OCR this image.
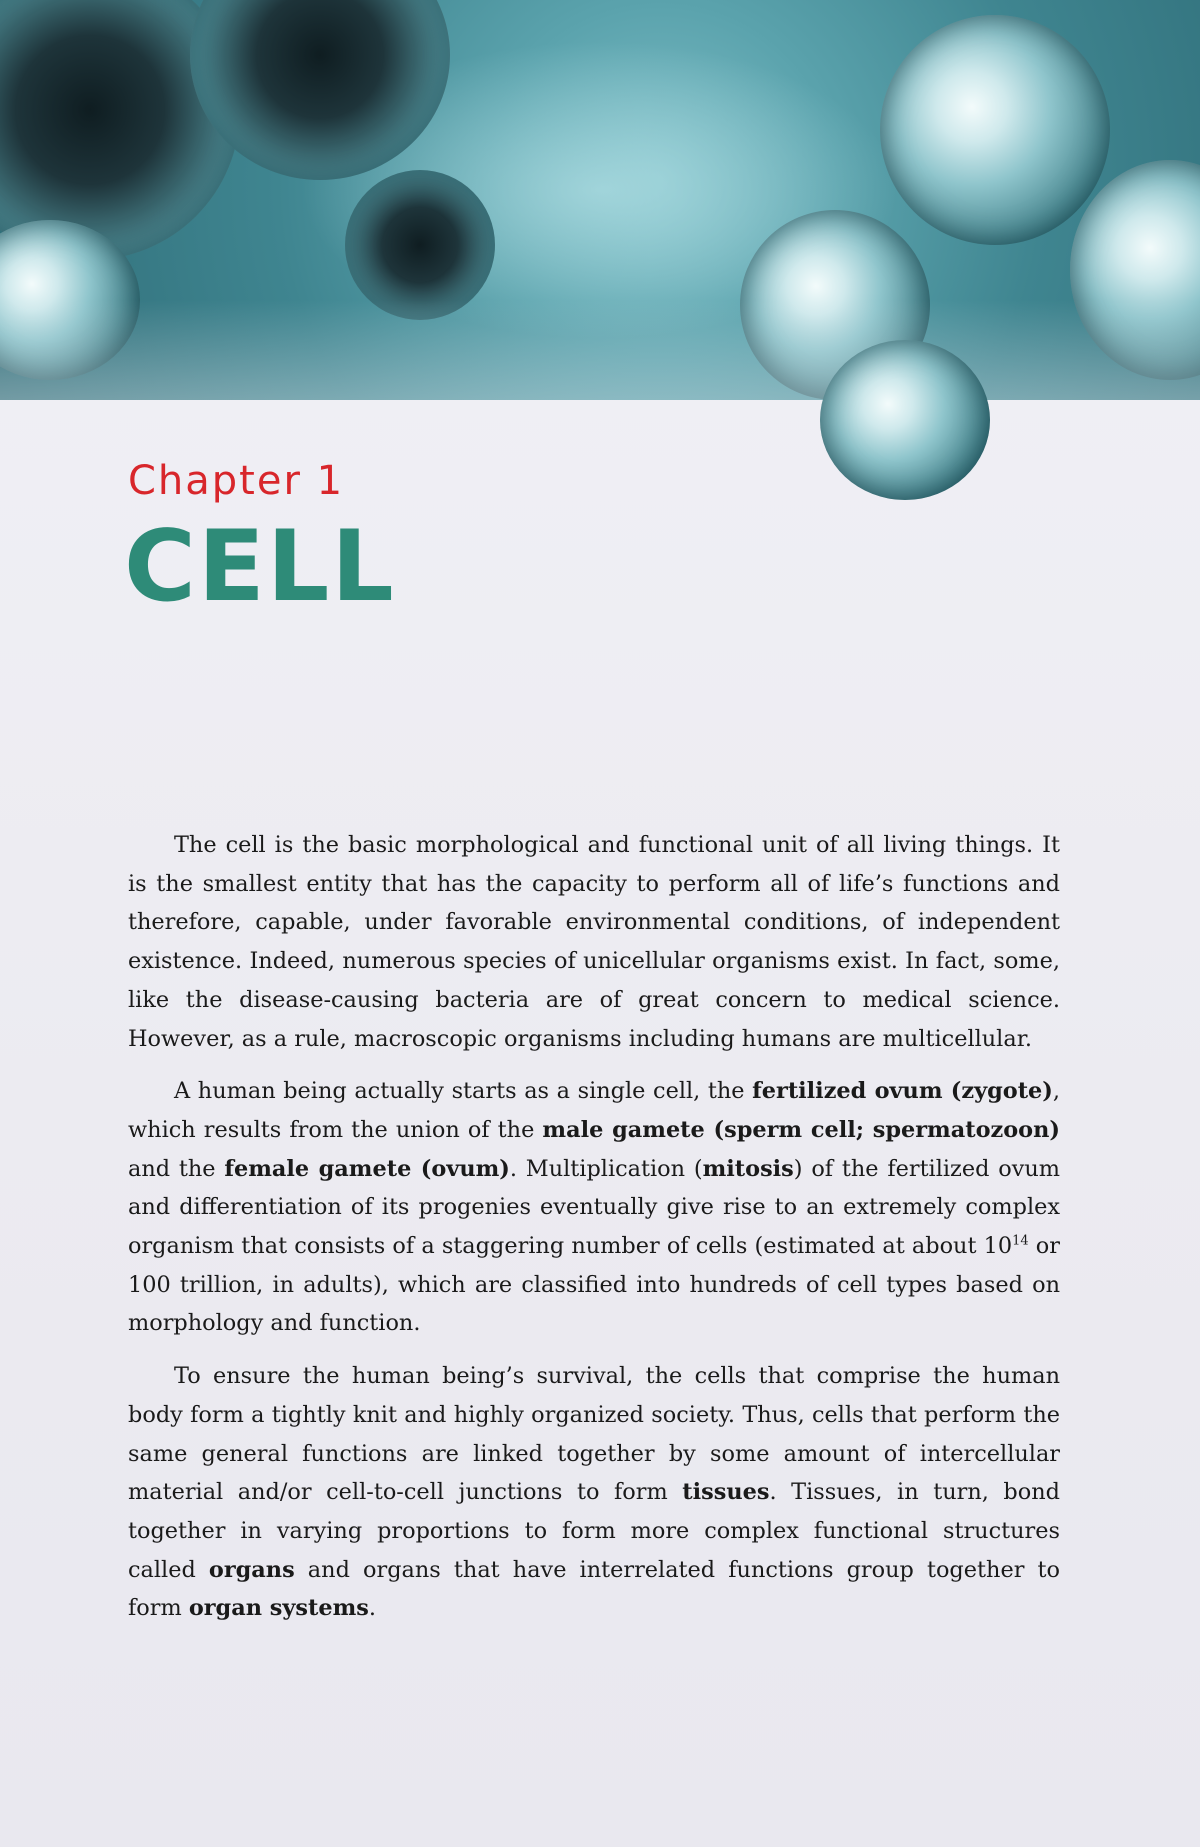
Chapter 1
CELL

The cell is the basic morphological and functional unit of all living things. It is the smallest entity that has the capacity to perform all of life’s functions and therefore, capable, under favorable environmental conditions, of independent existence. Indeed, numerous species of unicellular organisms exist. In fact, some, like the disease-causing bacteria are of great concern to medical science. However, as a rule, macroscopic organisms including humans are multicellular.

A human being actually starts as a single cell, the fertilized ovum (zygote), which results from the union of the male gamete (sperm cell; spermatozoon) and the female gamete (ovum). Multiplication (mitosis) of the fertilized ovum and differentiation of its progenies eventually give rise to an extremely complex organism that consists of a staggering number of cells (estimated at about $10^{14}$ or 100 trillion, in adults), which are classified into hundreds of cell types based on morphology and function.

To ensure the human being’s survival, the cells that comprise the human body form a tightly knit and highly organized society. Thus, cells that perform the same general functions are linked together by some amount of intercellular material and/or cell-to-cell junctions to form tissues. Tissues, in turn, bond together in varying proportions to form more complex functional structures called organs and organs that have interrelated functions group together to form organ systems.
